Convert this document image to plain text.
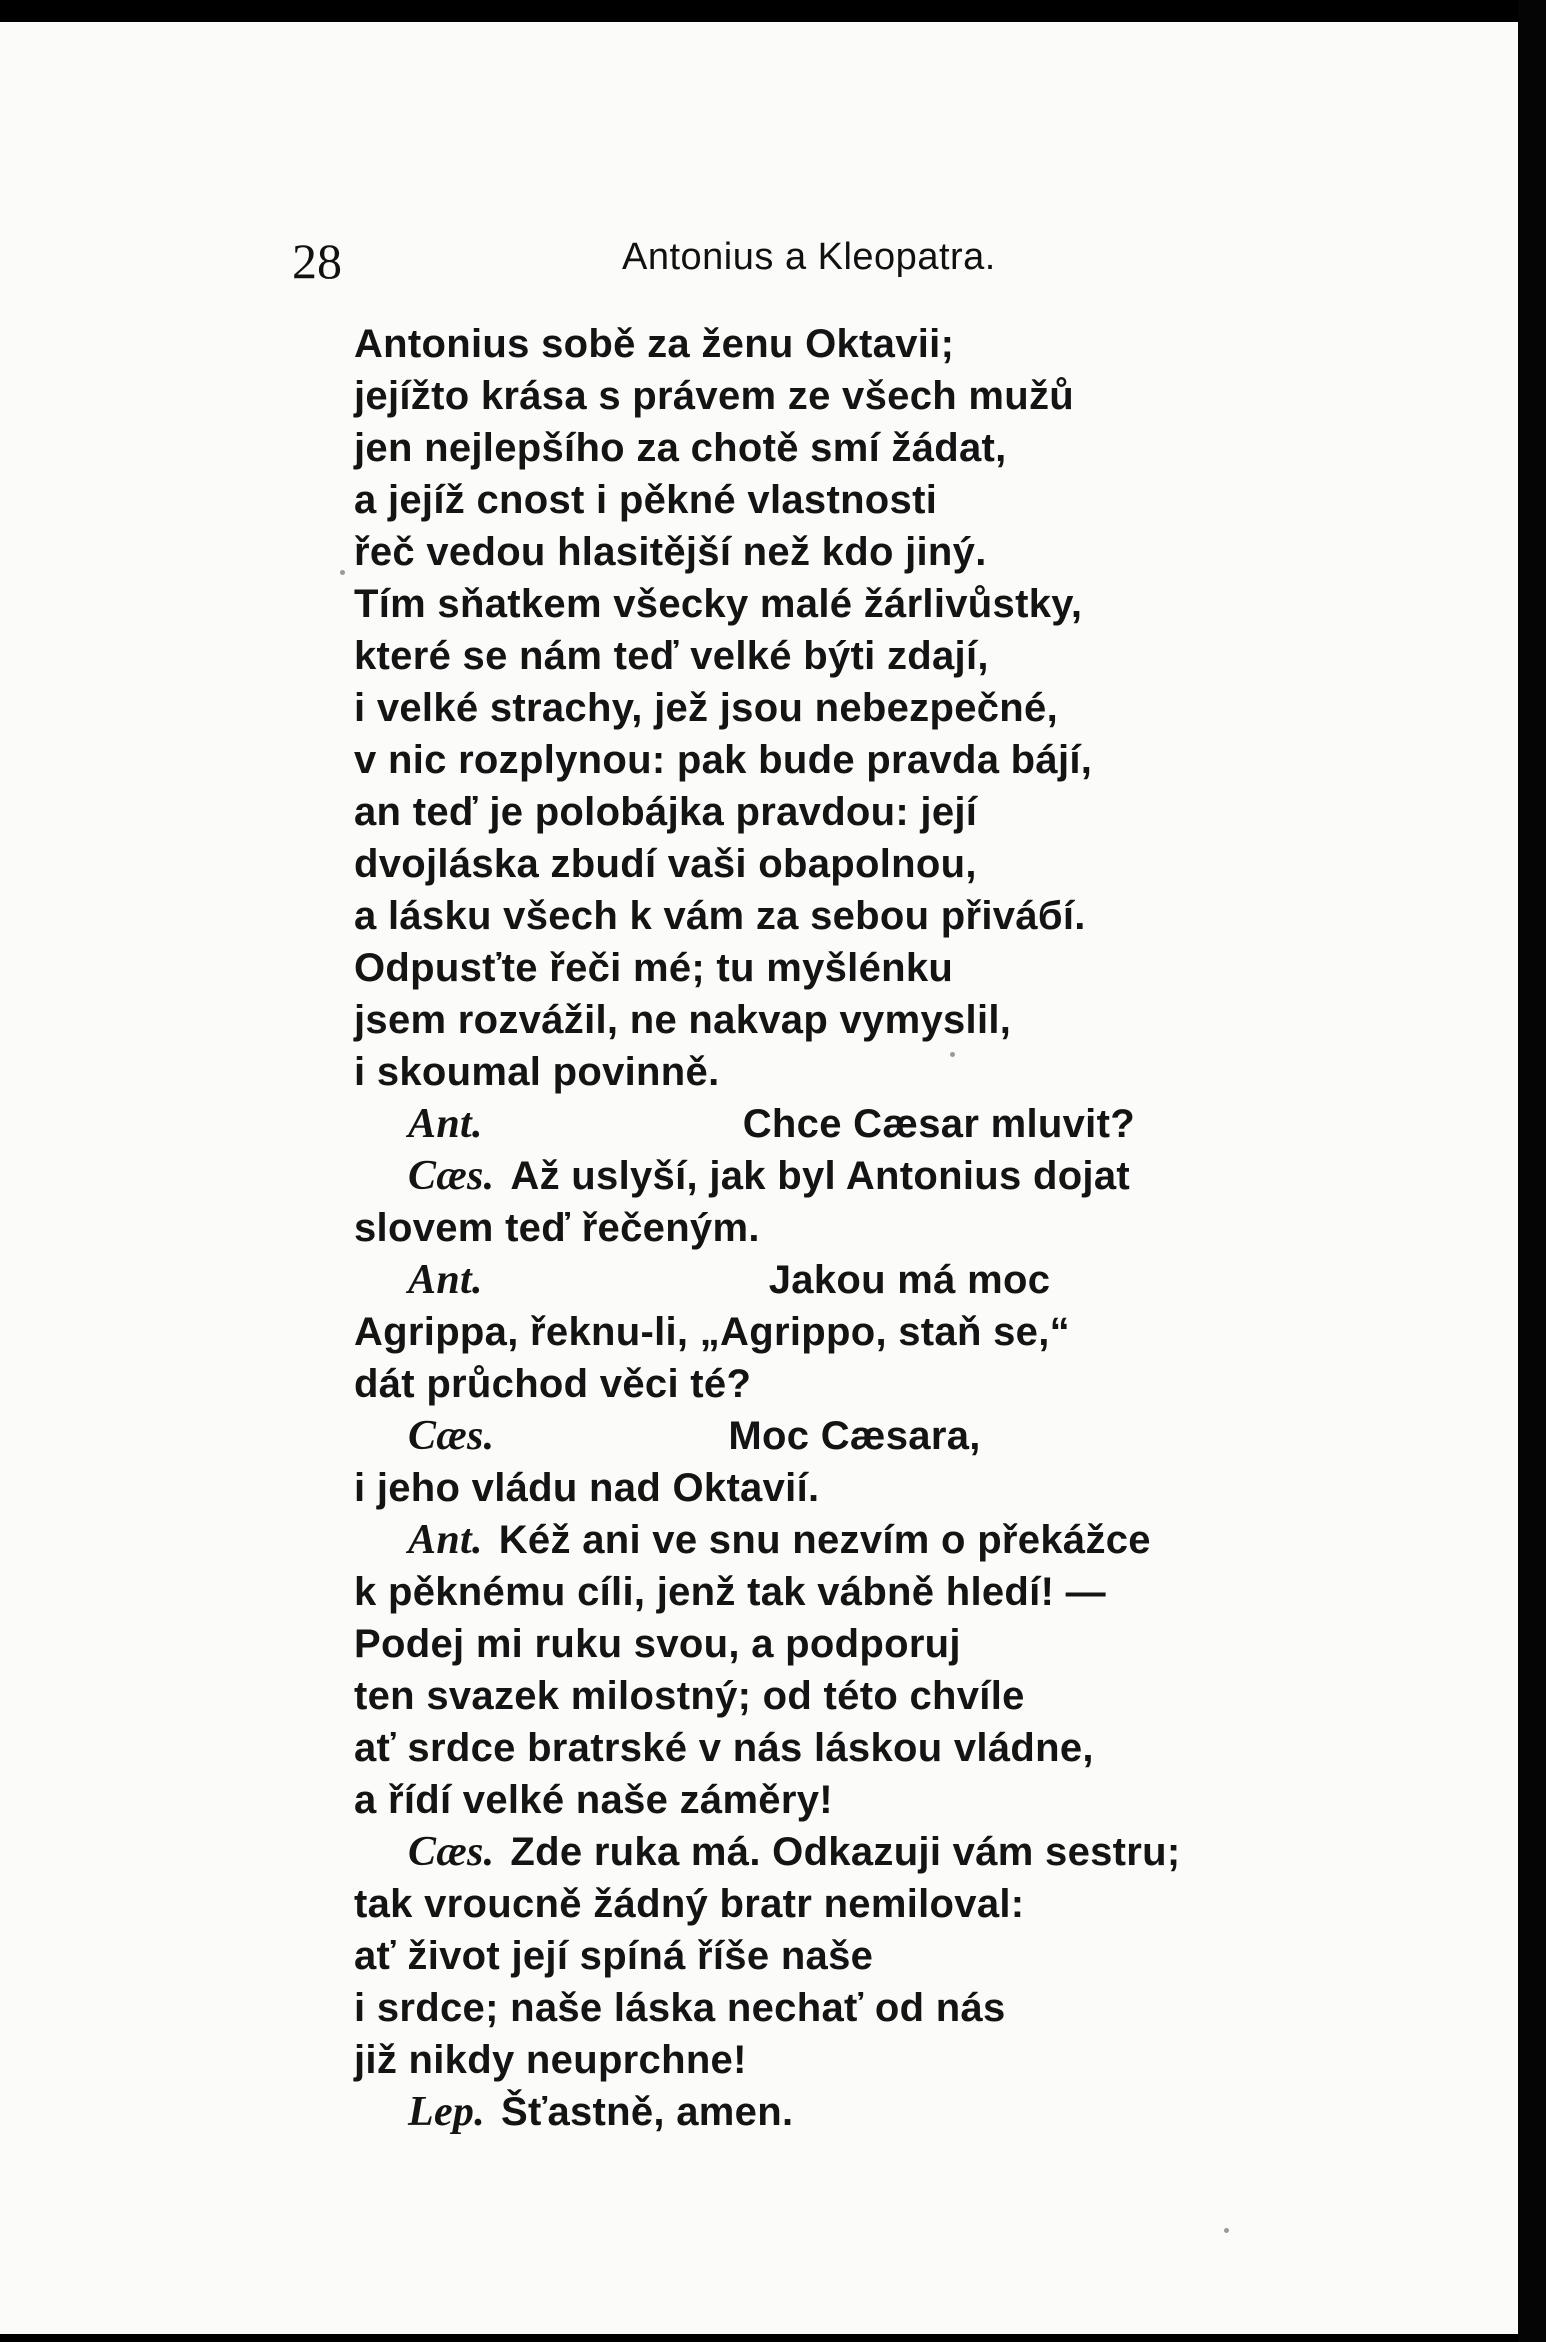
28	Antonius a Kleopatra.
Antonius sobě za ženu Oktavii;
jejížto krása s právem ze všech mužů
jen nejlepšího za chotě smí žádat,
a jejíž cnost i pěkné vlastnosti
řeč vedou hlasitější než kdo jiný.
Tím sňatkem všecky malé žárlivůstky,
které se nám teď velké býti zdají,
i velké strachy, jež jsou nebezpečné,
v nic rozplynou: pak bude pravda bájí,
an teď je polobájka pravdou: její
dvojláska zbudí vaši obapolnou,
a lásku všech k vám za sebou přiváбí.
Odpusťte řeči mé; tu myšlénku
jsem rozvážil, ne nakvap vymyslil,
i skoumal povinně.
Ant.	Chce Cæsar mluvit?
Cæs. Až uslyší, jak byl Antonius dojat
slovem teď řečeným.
Ant.	Jakou má moc
Agrippa, řeknu-li, „Agrippo, staň se,“
dát průchod věci té?
Cæs.	Moc Cæsara,
i jeho vládu nad Oktavií.
Ant. Kéž ani ve snu nezvím o překážce
k pěknému cíli, jenž tak vábně hledí! —
Podej mi ruku svou, a podporuj
ten svazek milostný; od této chvíle
ať srdce bratrské v nás láskou vládne,
a řídí velké naše záměry!
Cæs. Zde ruka má. Odkazuji vám sestru;
tak vroucně žádný bratr nemiloval:
ať život její spíná říše naše
i srdce; naše láska nechať od nás
již nikdy neuprchne!
Lep. Šťastně, amen.
